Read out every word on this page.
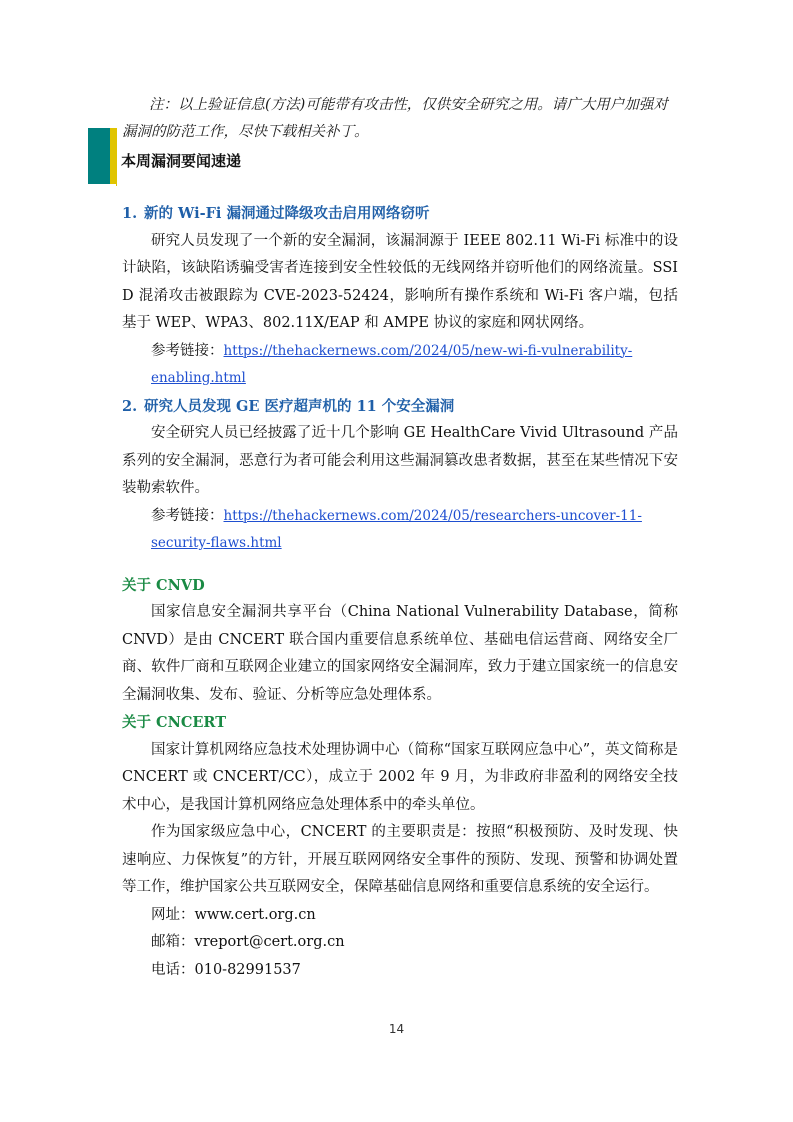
注：以上验证信息(方法)可能带有攻击性，仅供安全研究之用。请广大用户加强对漏洞的防范工作，尽快下载相关补丁。

本周漏洞要闻速递

1. 新的 Wi-Fi 漏洞通过降级攻击启用网络窃听

研究人员发现了一个新的安全漏洞，该漏洞源于 IEEE 802.11 Wi-Fi 标准中的设计缺陷，该缺陷诱骗受害者连接到安全性较低的无线网络并窃听他们的网络流量。SSID 混淆攻击被跟踪为 CVE-2023-52424，影响所有操作系统和 Wi-Fi 客户端，包括基于 WEP、WPA3、802.11X/EAP 和 AMPE 协议的家庭和网状网络。

参考链接：https://thehackernews.com/2024/05/new-wi-fi-vulnerability-enabling.html

2. 研究人员发现 GE 医疗超声机的 11 个安全漏洞

安全研究人员已经披露了近十几个影响 GE HealthCare Vivid Ultrasound 产品系列的安全漏洞，恶意行为者可能会利用这些漏洞篡改患者数据，甚至在某些情况下安装勒索软件。

参考链接：https://thehackernews.com/2024/05/researchers-uncover-11-security-flaws.html

关于 CNVD

国家信息安全漏洞共享平台（China National Vulnerability Database，简称 CNVD）是由 CNCERT 联合国内重要信息系统单位、基础电信运营商、网络安全厂商、软件厂商和互联网企业建立的国家网络安全漏洞库，致力于建立国家统一的信息安全漏洞收集、发布、验证、分析等应急处理体系。

关于 CNCERT

国家计算机网络应急技术处理协调中心（简称“国家互联网应急中心”，英文简称是 CNCERT 或 CNCERT/CC），成立于 2002 年 9 月，为非政府非盈利的网络安全技术中心，是我国计算机网络应急处理体系中的牵头单位。

作为国家级应急中心，CNCERT 的主要职责是：按照“积极预防、及时发现、快速响应、力保恢复”的方针，开展互联网网络安全事件的预防、发现、预警和协调处置等工作，维护国家公共互联网安全，保障基础信息网络和重要信息系统的安全运行。

网址：www.cert.org.cn

邮箱：vreport@cert.org.cn

电话：010-82991537

14
